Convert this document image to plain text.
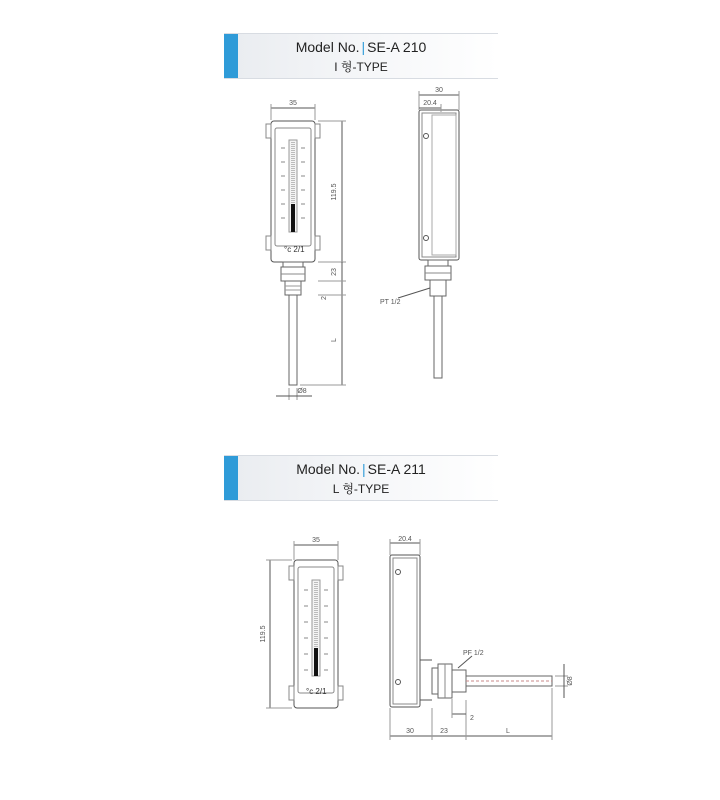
Model No. | SE-A 210
I 형-TYPE
Model No. | SE-A 211
L 형-TYPE
35
119.5
23
2
L
°c 2/1
Ø8
30
20.4
PT 1/2
35
119.5
°c 2/1
20.4
PF 1/2
Ø8
30	23
2
L
